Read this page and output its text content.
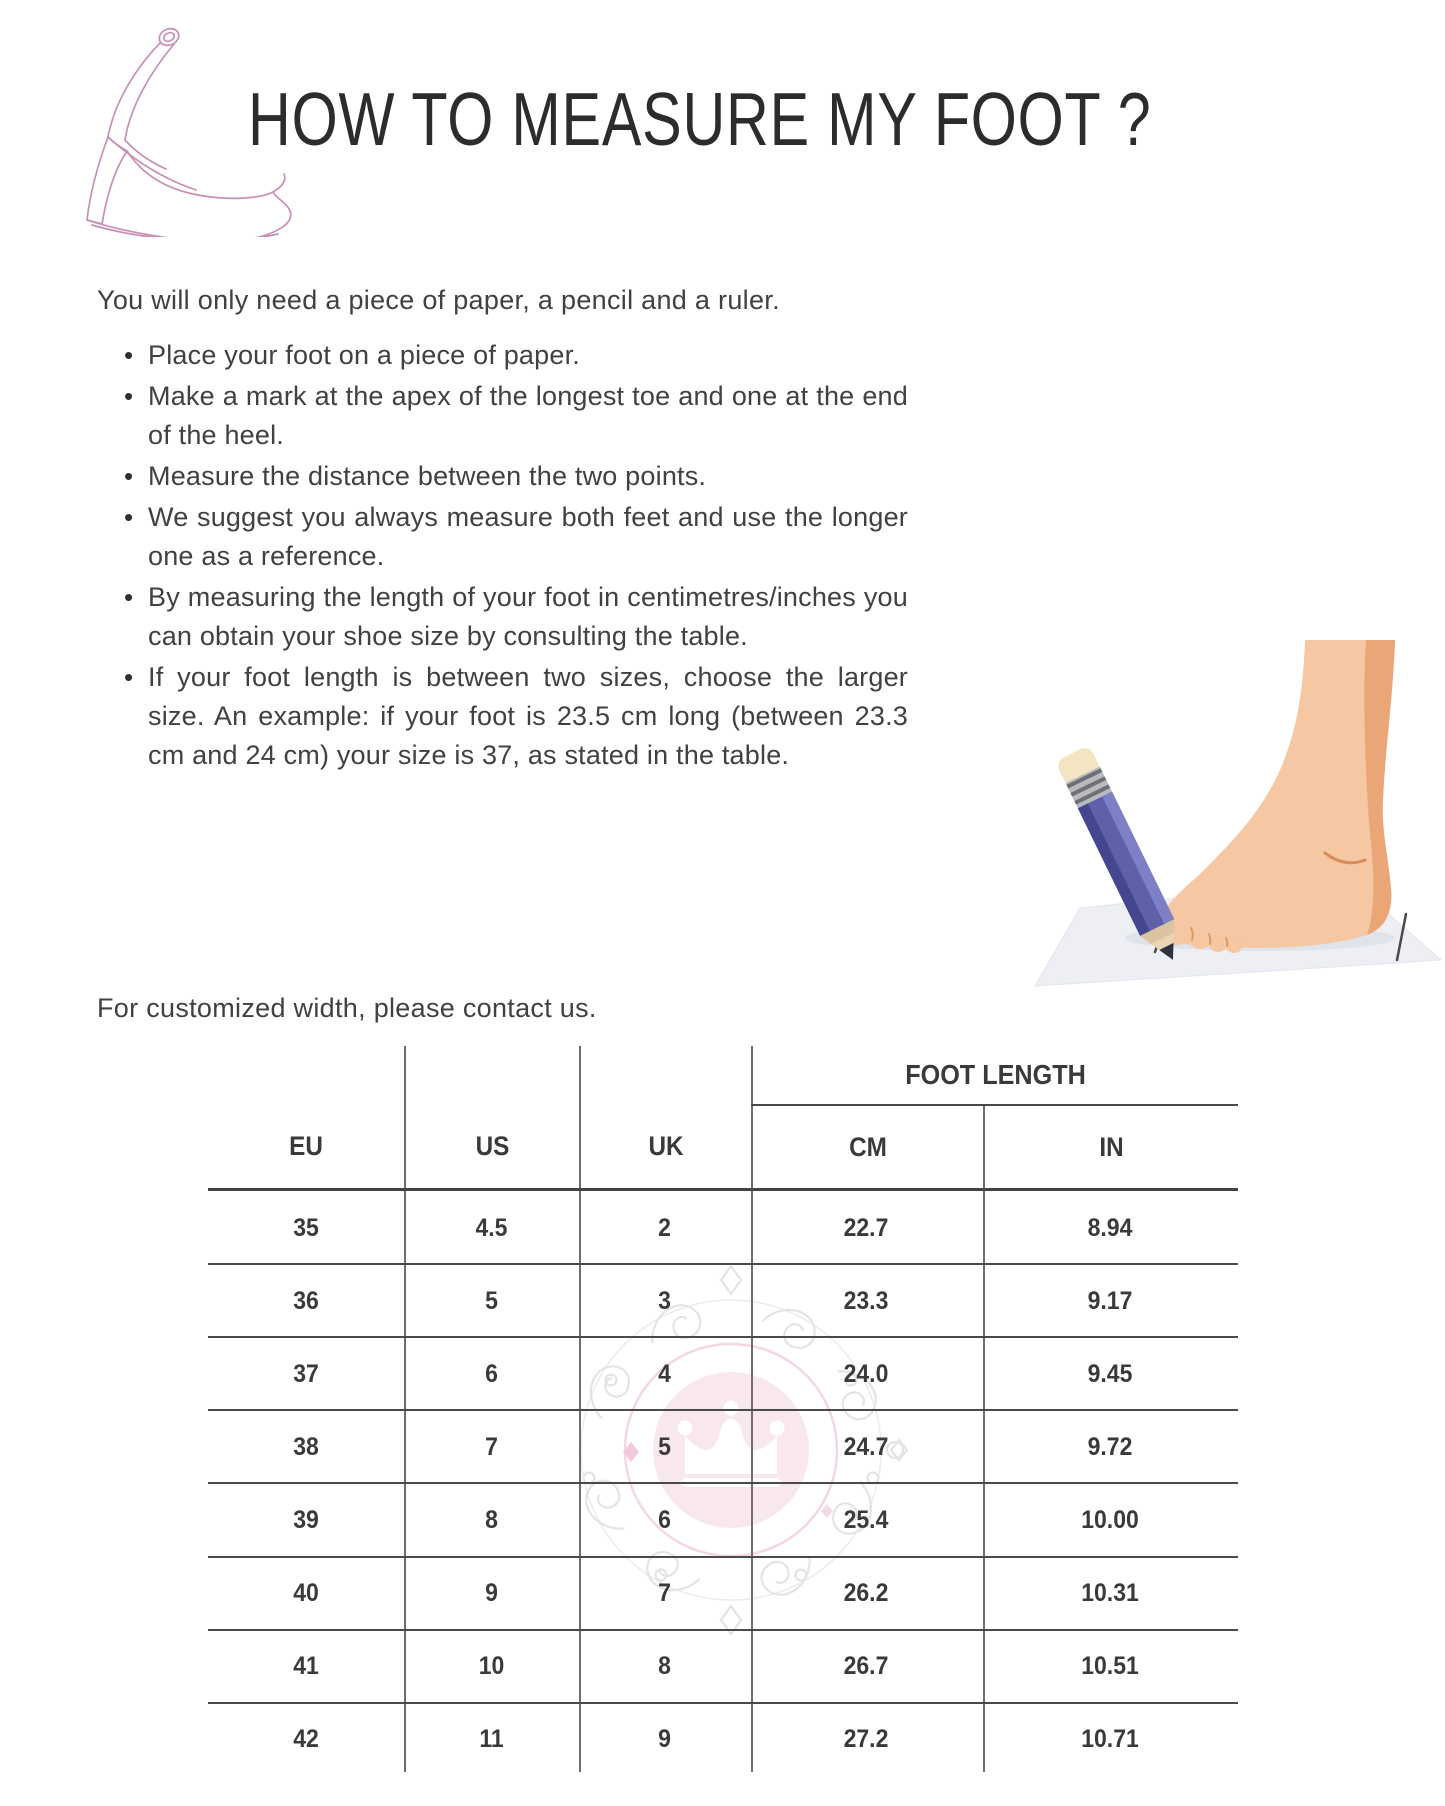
HOW TO MEASURE MY FOOT ?

You will only need a piece of paper, a pencil and a ruler.

• Place your foot on a piece of paper.
• Make a mark at the apex of the longest toe and one at the end of the heel.
• Measure the distance between the two points.
• We suggest you always measure both feet and use the longer one as a reference.
• By measuring the length of your foot in centimetres/inches you can obtain your shoe size by consulting the table.
• If your foot length is between two sizes, choose the larger size. An example: if your foot is 23.5 cm long (between 23.3 cm and 24 cm) your size is 37, as stated in the table.

For customized width, please contact us.

EU	US	UK
FOOT LENGTH
CM	IN
35	4.5	2	22.7	8.94
36	5	3	23.3	9.17
37	6	4	24.0	9.45
38	7	5	24.7	9.72
39	8	6	25.4	10.00
40	9	7	26.2	10.31
41	10	8	26.7	10.51
42	11	9	27.2	10.71
